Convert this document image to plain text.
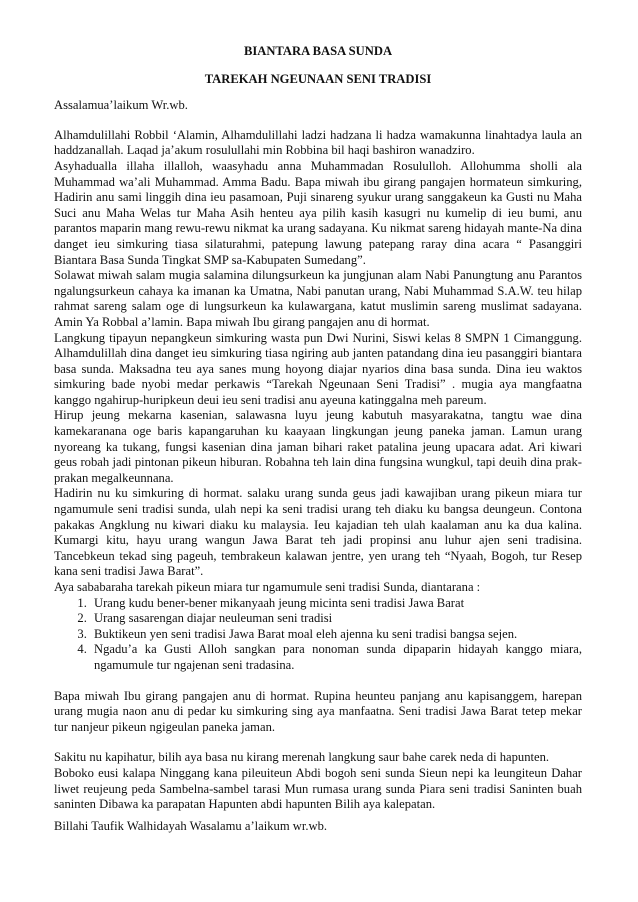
BIANTARA BASA SUNDA

TAREKAH NGEUNAAN SENI TRADISI

Assalamua’laikum Wr.wb.

Alhamdulillahi Robbil ‘Alamin, Alhamdulillahi ladzi hadzana li hadza wamakunna linahtadya laula an haddzanallah. Laqad ja’akum rosulullahi min Robbina bil haqi bashiron wanadziro.

Asyhadualla illaha illalloh, waasyhadu anna Muhammadan Rosululloh. Allohumma sholli ala Muhammad wa’ali Muhammad. Amma Badu. Bapa miwah ibu girang pangajen hormateun simkuring, Hadirin anu sami linggih dina ieu pasamoan, Puji sinareng syukur urang sanggakeun ka Gusti nu Maha Suci anu Maha Welas tur Maha Asih henteu aya pilih kasih kasugri nu kumelip di ieu bumi, anu parantos maparin mang rewu-rewu nikmat ka urang sadayana. Ku nikmat sareng hidayah mante-Na dina danget ieu simkuring tiasa silaturahmi, patepung lawung patepang raray dina acara “ Pasanggiri Biantara Basa Sunda Tingkat SMP sa-Kabupaten Sumedang”.

Solawat miwah salam mugia salamina dilungsurkeun ka jungjunan alam Nabi Panungtung anu Parantos ngalungsurkeun cahaya ka imanan ka Umatna, Nabi panutan urang, Nabi Muhammad S.A.W. teu hilap rahmat sareng salam oge di lungsurkeun ka kulawargana, katut muslimin sareng muslimat sadayana. Amin Ya Robbal a’lamin. Bapa miwah Ibu girang pangajen anu di hormat.

Langkung tipayun nepangkeun simkuring wasta pun Dwi Nurini, Siswi kelas 8 SMPN 1 Cimanggung. Alhamdulillah dina danget ieu simkuring tiasa ngiring aub janten patandang dina ieu pasanggiri biantara basa sunda. Maksadna teu aya sanes mung hoyong diajar nyarios dina basa sunda. Dina ieu waktos simkuring bade nyobi medar perkawis “Tarekah Ngeunaan Seni Tradisi” . mugia aya mangfaatna kanggo ngahirup-huripkeun deui ieu seni tradisi anu ayeuna katinggalna meh pareum.

Hirup jeung mekarna kasenian, salawasna luyu jeung kabutuh masyarakatna, tangtu wae dina kamekaranana oge baris kapangaruhan ku kaayaan lingkungan jeung paneka jaman. Lamun urang nyoreang ka tukang, fungsi kasenian dina jaman bihari raket patalina jeung upacara adat. Ari kiwari geus robah jadi pintonan pikeun hiburan. Robahna teh lain dina fungsina wungkul, tapi deuih dina prak-prakan megalkeunnana.

Hadirin nu ku simkuring di hormat. salaku urang sunda geus jadi kawajiban urang pikeun miara tur ngamumule seni tradisi sunda, ulah nepi ka seni tradisi urang teh diaku ku bangsa deungeun. Contona pakakas Angklung nu kiwari diaku ku malaysia. Ieu kajadian teh ulah kaalaman anu ka dua kalina. Kumargi kitu, hayu urang wangun Jawa Barat teh jadi propinsi anu luhur ajen seni tradisina. Tancebkeun tekad sing pageuh, tembrakeun kalawan jentre, yen urang teh “Nyaah, Bogoh, tur Resep kana seni tradisi Jawa Barat”.

Aya sababaraha tarekah pikeun miara tur ngamumule seni tradisi Sunda, diantarana :

1. Urang kudu bener-bener mikanyaah jeung micinta seni tradisi Jawa Barat
2. Urang sasarengan diajar neuleuman seni tradisi
3. Buktikeun yen seni tradisi Jawa Barat moal eleh ajenna ku seni tradisi bangsa sejen.
4. Ngadu’a ka Gusti Alloh sangkan para nonoman sunda dipaparin hidayah kanggo miara, ngamumule tur ngajenan seni tradasina.

Bapa miwah Ibu girang pangajen anu di hormat. Rupina heunteu panjang anu kapisanggem, harepan urang mugia naon anu di pedar ku simkuring sing aya manfaatna. Seni tradisi Jawa Barat tetep mekar tur nanjeur pikeun ngigeulan paneka jaman.

Sakitu nu kapihatur, bilih aya basa nu kirang merenah langkung saur bahe carek neda di hapunten.

Boboko eusi kalapa Ninggang kana pileuiteun Abdi bogoh seni sunda Sieun nepi ka leungiteun Dahar liwet reujeung peda Sambelna-sambel tarasi Mun rumasa urang sunda Piara seni tradisi Saninten buah saninten Dibawa ka parapatan Hapunten abdi hapunten Bilih aya kalepatan.

Billahi Taufik Walhidayah Wasalamu a’laikum wr.wb.
